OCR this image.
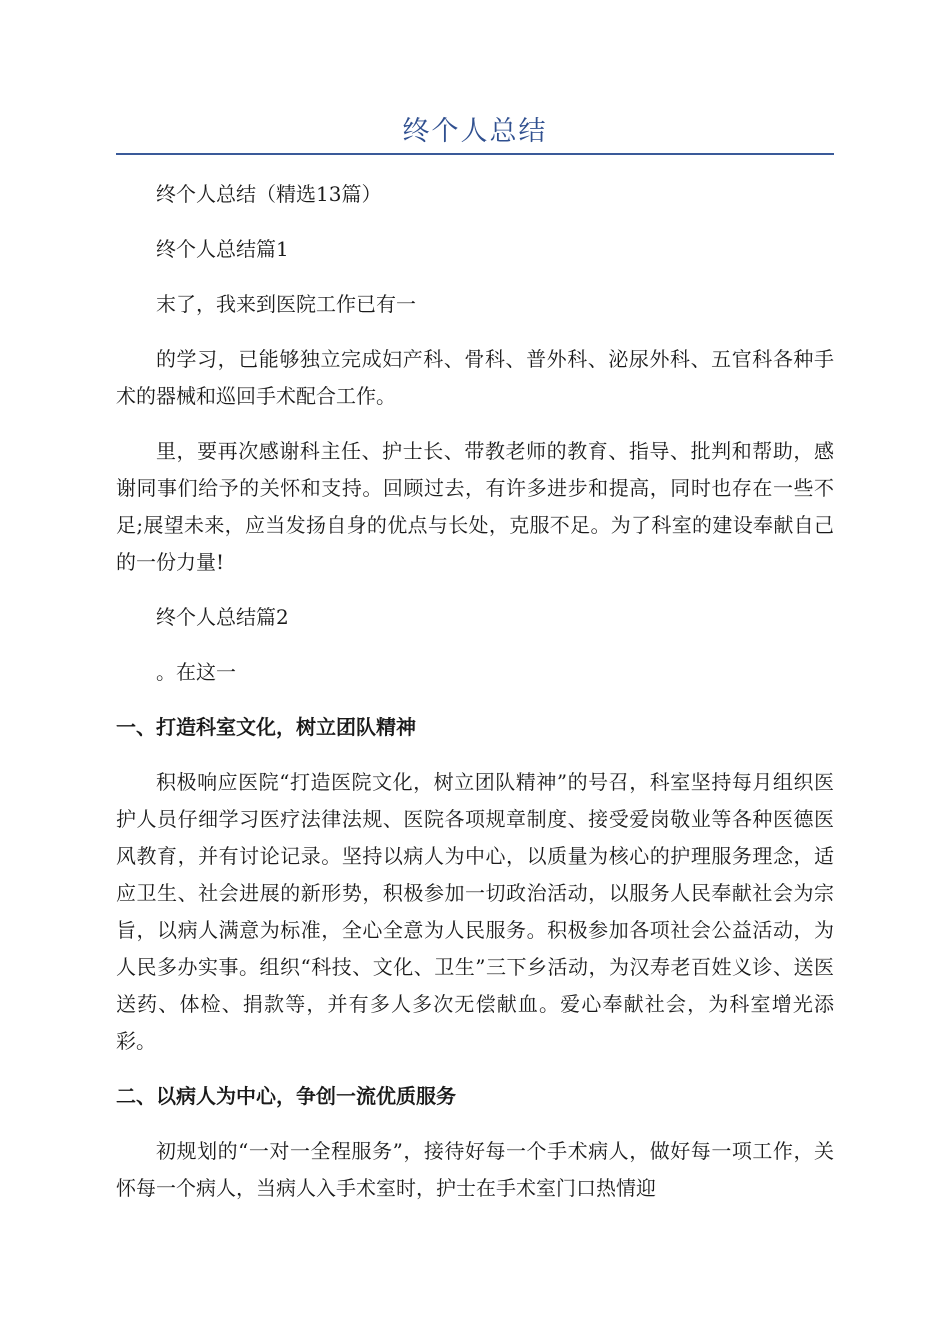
终个人总结

终个人总结（精选13篇）

终个人总结篇1

末了，我来到医院工作已有一

的学习，已能够独立完成妇产科、骨科、普外科、泌尿外科、五官科各种手术的器械和巡回手术配合工作。

里，要再次感谢科主任、护士长、带教老师的教育、指导、批判和帮助，感谢同事们给予的关怀和支持。回顾过去，有许多进步和提高，同时也存在一些不足;展望未来，应当发扬自身的优点与长处，克服不足。为了科室的建设奉献自己的一份力量!

终个人总结篇2

。在这一

一、打造科室文化，树立团队精神

积极响应医院“打造医院文化，树立团队精神”的号召，科室坚持每月组织医护人员仔细学习医疗法律法规、医院各项规章制度、接受爱岗敬业等各种医德医风教育，并有讨论记录。坚持以病人为中心，以质量为核心的护理服务理念，适应卫生、社会进展的新形势，积极参加一切政治活动，以服务人民奉献社会为宗旨，以病人满意为标准，全心全意为人民服务。积极参加各项社会公益活动，为人民多办实事。组织“科技、文化、卫生”三下乡活动，为汉寿老百姓义诊、送医送药、体检、捐款等，并有多人多次无偿献血。爱心奉献社会，为科室增光添彩。

二、以病人为中心，争创一流优质服务

初规划的“一对一全程服务”，接待好每一个手术病人，做好每一项工作，关怀每一个病人，当病人入手术室时，护士在手术室门口热情迎
